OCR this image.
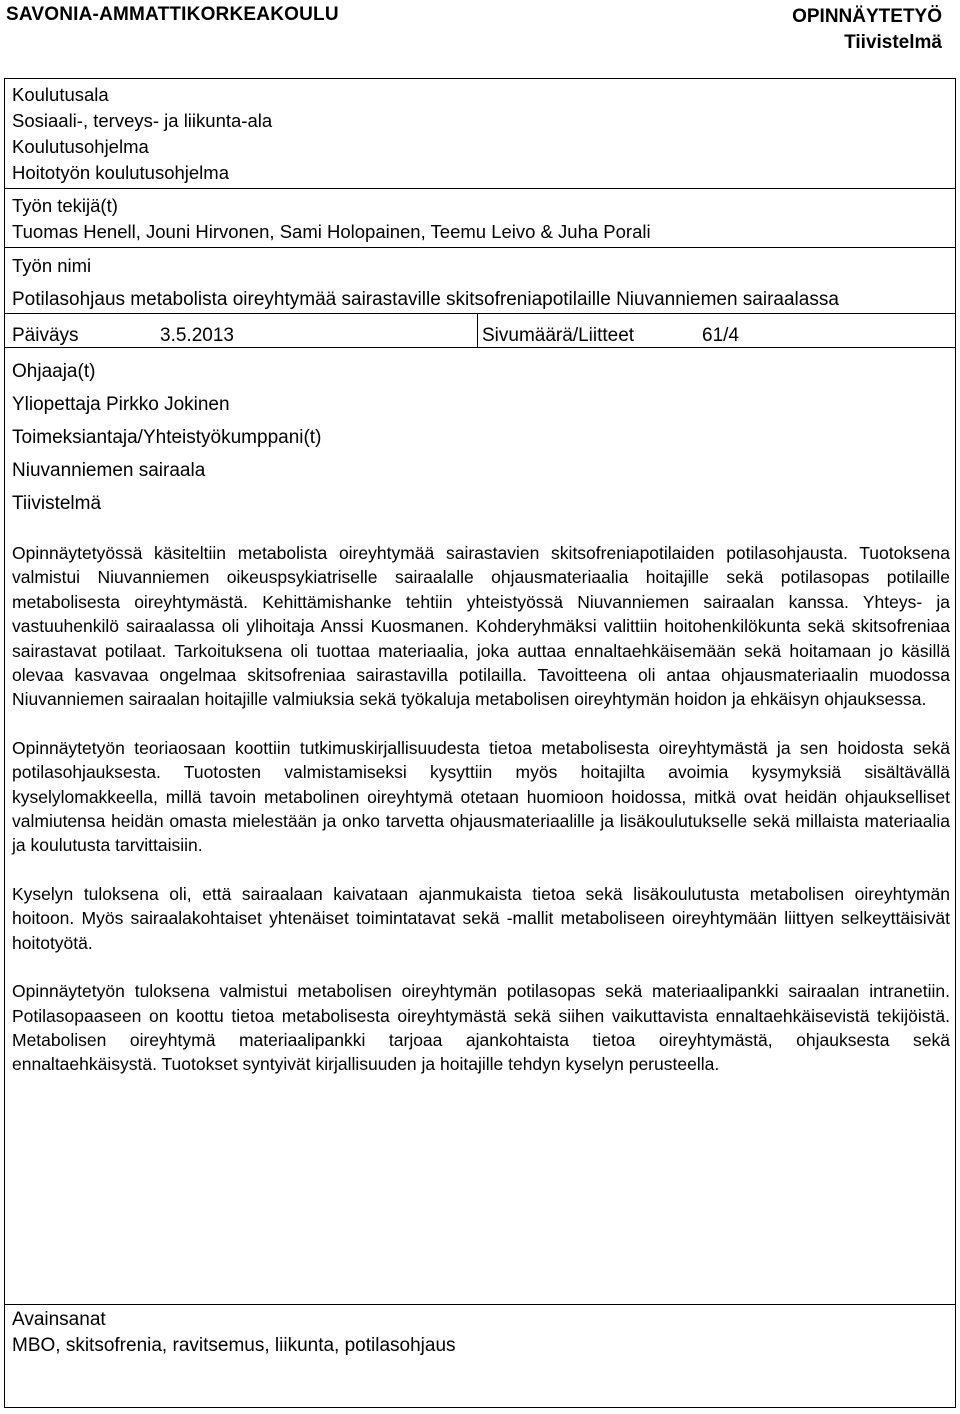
SAVONIA-AMMATTIKORKEAKOULU	OPINNÄYTETYÖ
Tiivistelmä
Koulutusala
Sosiaali-, terveys- ja liikunta-ala
Koulutusohjelma
Hoitotyön koulutusohjelma
Työn tekijä(t)
Tuomas Henell, Jouni Hirvonen, Sami Holopainen, Teemu Leivo & Juha Porali
Työn nimi
Potilasohjaus metabolista oireyhtymää sairastaville skitsofreniapotilaille Niuvanniemen sairaalassa
Päiväys	3.5.2013	Sivumäärä/Liitteet	61/4
Ohjaaja(t)
Yliopettaja Pirkko Jokinen
Toimeksiantaja/Yhteistyökumppani(t)
Niuvanniemen sairaala
Tiivistelmä

Opinnäytetyössä käsiteltiin metabolista oireyhtymää sairastavien skitsofreniapotilaiden potilasohjausta. Tuotoksena valmistui Niuvanniemen oikeuspsykiatriselle sairaalalle ohjausmateriaalia hoitajille sekä potilasopas potilaille metabolisesta oireyhtymästä. Kehittämishanke tehtiin yhteistyössä Niuvanniemen sairaalan kanssa. Yhteys- ja vastuuhenkilö sairaalassa oli ylihoitaja Anssi Kuosmanen. Kohderyhmäksi valittiin hoitohenkilökunta sekä skitsofreniaa sairastavat potilaat. Tarkoituksena oli tuottaa materiaalia, joka auttaa ennaltaehkäisemään sekä hoitamaan jo käsillä olevaa kasvavaa ongelmaa skitsofreniaa sairastavilla potilailla. Tavoitteena oli antaa ohjausmateriaalin muodossa Niuvanniemen sairaalan hoitajille valmiuksia sekä työkaluja metabolisen oireyhtymän hoidon ja ehkäisyn ohjauksessa.

Opinnäytetyön teoriaosaan koottiin tutkimuskirjallisuudesta tietoa metabolisesta oireyhtymästä ja sen hoidosta sekä potilasohjauksesta. Tuotosten valmistamiseksi kysyttiin myös hoitajilta avoimia kysymyksiä sisältävällä kyselylomakkeella, millä tavoin metabolinen oireyhtymä otetaan huomioon hoidossa, mitkä ovat heidän ohjaukselliset valmiutensa heidän omasta mielestään ja onko tarvetta ohjausmateriaalille ja lisäkoulutukselle sekä millaista materiaalia ja koulutusta tarvittaisiin.

Kyselyn tuloksena oli, että sairaalaan kaivataan ajanmukaista tietoa sekä lisäkoulutusta metabolisen oireyhtymän hoitoon. Myös sairaalakohtaiset yhtenäiset toimintatavat sekä -mallit metaboliseen oireyhtymään liittyen selkeyttäisivät hoitotyötä.

Opinnäytetyön tuloksena valmistui metabolisen oireyhtymän potilasopas sekä materiaalipankki sairaalan intranetiin. Potilasopaaseen on koottu tietoa metabolisesta oireyhtymästä sekä siihen vaikuttavista ennaltaehkäisevistä tekijöistä. Metabolisen oireyhtymä materiaalipankki tarjoaa ajankohtaista tietoa oireyhtymästä, ohjauksesta sekä ennaltaehkäisystä. Tuotokset syntyivät kirjallisuuden ja hoitajille tehdyn kyselyn perusteella.

Avainsanat
MBO, skitsofrenia, ravitsemus, liikunta, potilasohjaus
